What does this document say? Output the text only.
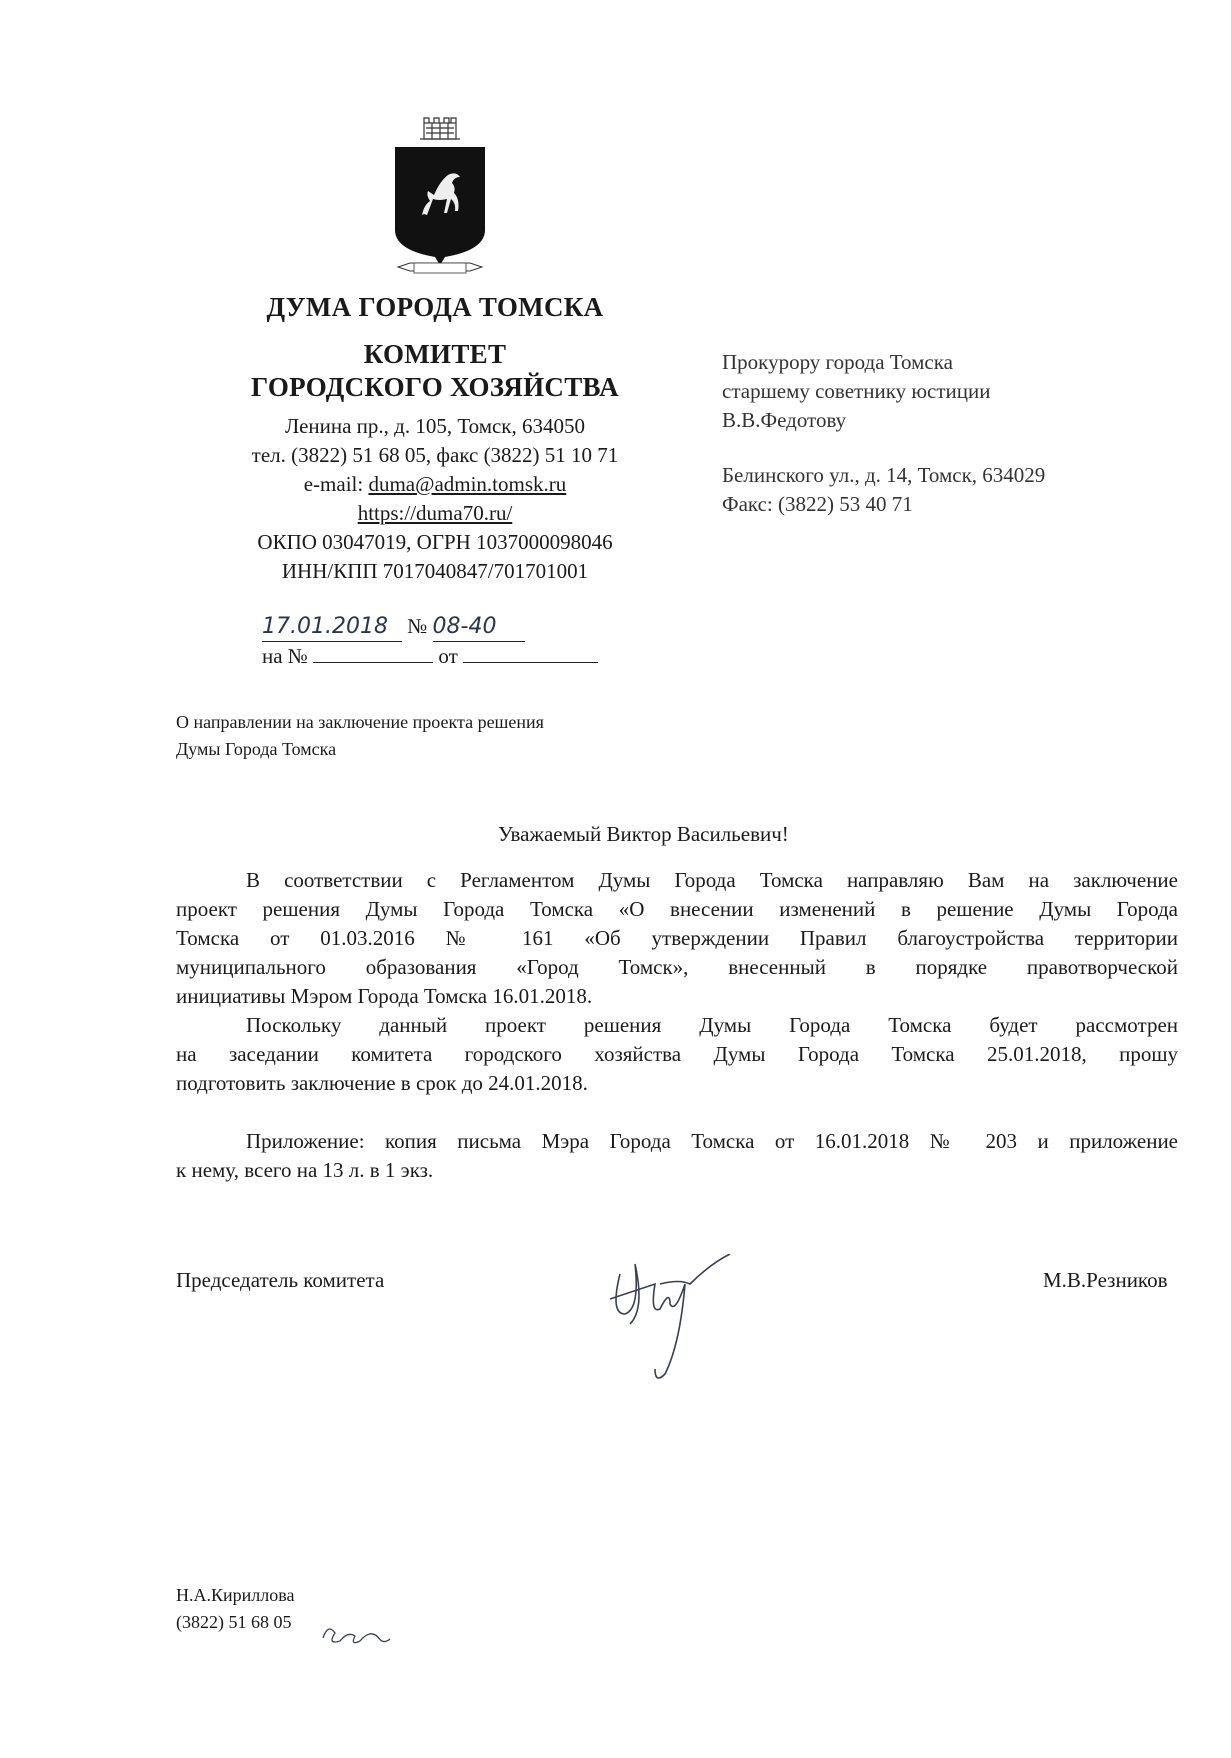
ДУМА ГОРОДА ТОМСКА
КОМИТЕТ
ГОРОДСКОГО ХОЗЯЙСТВА
Ленина пр., д. 105, Томск, 634050
тел. (3822) 51 68 05, факс (3822) 51 10 71
e-mail: duma@admin.tomsk.ru
https://duma70.ru/
ОКПО 03047019, ОГРН 1037000098046
ИНН/КПП 7017040847/701701001
17.01.2018 № 08-40
на №	от
Прокурору города Томска
старшему советнику юстиции
В.В.Федотову
Белинского ул., д. 14, Томск, 634029
Факс: (3822) 53 40 71
О направлении на заключение проекта решения
Думы Города Томска
Уважаемый Виктор Васильевич!
В соответствии с Регламентом Думы Города Томска направляю Вам на заключение
проект решения Думы Города Томска «О внесении изменений в решение Думы Города
Томска от 01.03.2016 № 161 «Об утверждении Правил благоустройства территории
муниципального образования «Город Томск», внесенный в порядке правотворческой
инициативы Мэром Города Томска 16.01.2018.
Поскольку данный проект решения Думы Города Томска будет рассмотрен
на заседании комитета городского хозяйства Думы Города Томска 25.01.2018, прошу
подготовить заключение в срок до 24.01.2018.
Приложение: копия письма Мэра Города Томска от 16.01.2018 № 203 и приложение
к нему, всего на 13 л. в 1 экз.
Председатель комитета	М.В.Резников
Н.А.Кириллова
(3822) 51 68 05
